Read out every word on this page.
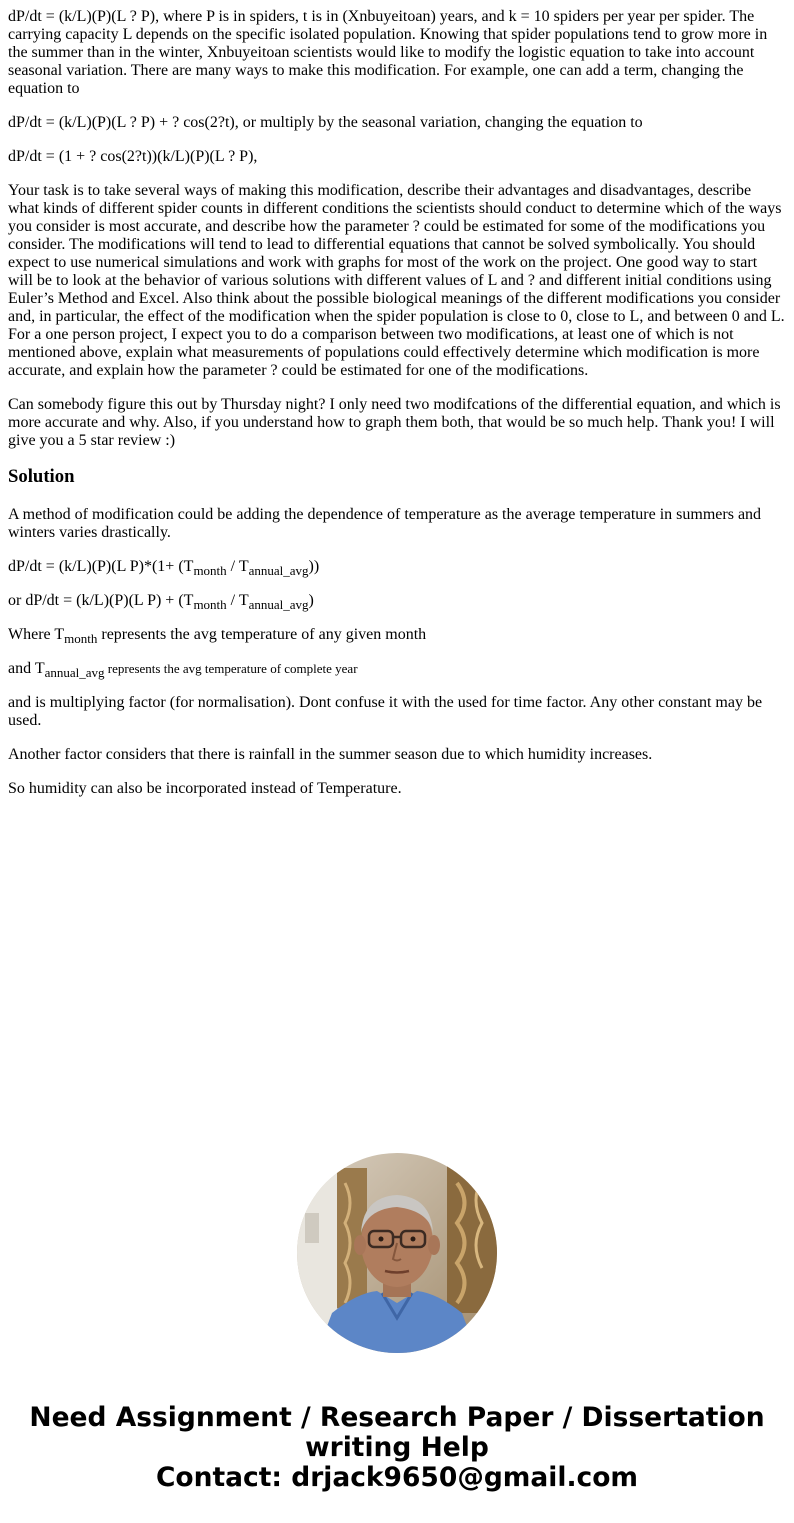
dP/dt = (k/L)(P)(L ? P), where P is in spiders, t is in (Xnbuyeitoan) years, and k = 10 spiders per year per spider. The carrying capacity L depends on the specific isolated population. Knowing that spider populations tend to grow more in the summer than in the winter, Xnbuyeitoan scientists would like to modify the logistic equation to take into account seasonal variation. There are many ways to make this modification. For example, one can add a term, changing the equation to

dP/dt = (k/L)(P)(L ? P) + ? cos(2?t), or multiply by the seasonal variation, changing the equation to

dP/dt = (1 + ? cos(2?t))(k/L)(P)(L ? P),

Your task is to take several ways of making this modification, describe their advantages and disadvantages, describe what kinds of different spider counts in different conditions the scientists should conduct to determine which of the ways you consider is most accurate, and describe how the parameter ? could be estimated for some of the modifications you consider. The modifications will tend to lead to differential equations that cannot be solved symbolically. You should expect to use numerical simulations and work with graphs for most of the work on the project. One good way to start will be to look at the behavior of various solutions with different values of L and ? and different initial conditions using Euler’s Method and Excel. Also think about the possible biological meanings of the different modifications you consider and, in particular, the effect of the modification when the spider population is close to 0, close to L, and between 0 and L. For a one person project, I expect you to do a comparison between two modifications, at least one of which is not mentioned above, explain what measurements of populations could effectively determine which modification is more accurate, and explain how the parameter ? could be estimated for one of the modifications.

Can somebody figure this out by Thursday night? I only need two modifcations of the differential equation, and which is more accurate and why. Also, if you understand how to graph them both, that would be so much help. Thank you! I will give you a 5 star review :)

Solution

A method of modification could be adding the dependence of temperature as the average temperature in summers and winters varies drastically.

dP/dt = (k/L)(P)(L $P)*(1+ (T_{month} / T_{annual\_avg}))$

or dP/dt = (k/L)(P)(L $P) + (T_{month} / T_{annual\_avg})$

Where $T_{month}$ represents the avg temperature of any given month

and $T_{annual\_avg}$ represents the avg temperature of complete year

and is multiplying factor (for normalisation). Dont confuse it with the used for time factor. Any other constant may be used.

Another factor considers that there is rainfall in the summer season due to which humidity increases.

So humidity can also be incorporated instead of Temperature.

Need Assignment / Research Paper / Dissertation
writing Help
Contact: drjack9650@gmail.com
